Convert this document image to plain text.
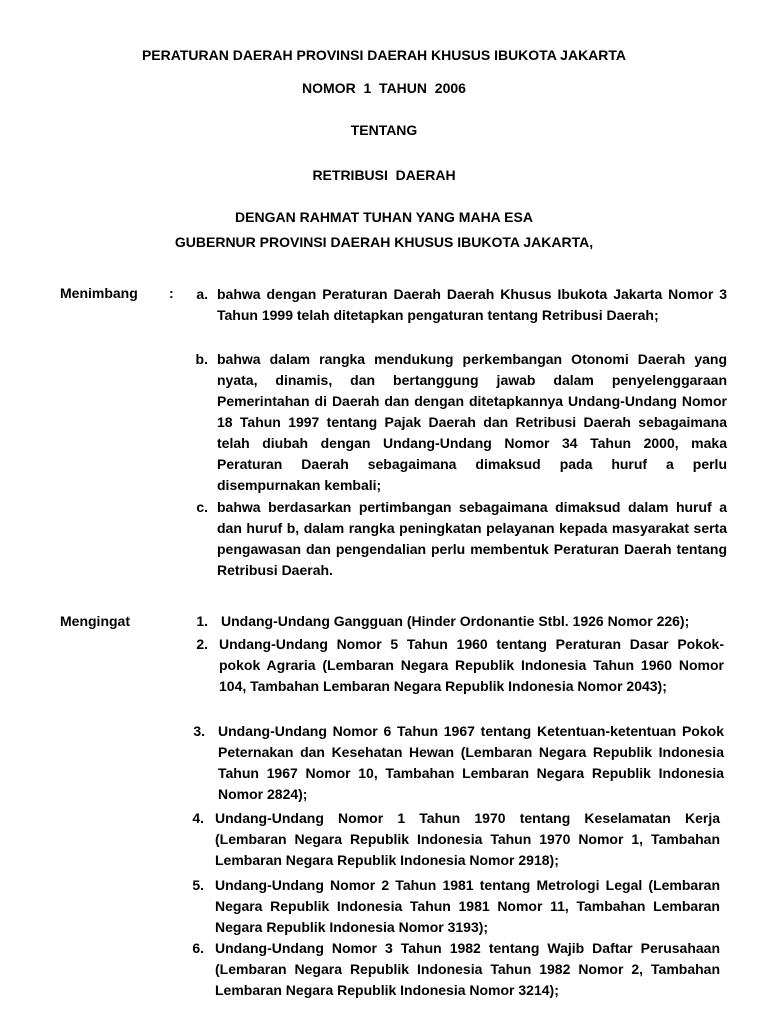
PERATURAN DAERAH PROVINSI DAERAH KHUSUS IBUKOTA JAKARTA
NOMOR  1  TAHUN  2006
TENTANG
RETRIBUSI  DAERAH
DENGAN RAHMAT TUHAN YANG MAHA ESA
GUBERNUR PROVINSI DAERAH KHUSUS IBUKOTA JAKARTA,
Menimbang :	a. bahwa dengan Peraturan Daerah Daerah Khusus Ibukota Jakarta Nomor 3 Tahun 1999 telah ditetapkan pengaturan tentang Retribusi Daerah;
b. bahwa dalam rangka mendukung perkembangan Otonomi Daerah yang nyata, dinamis, dan bertanggung jawab dalam penyelenggaraan Pemerintahan di Daerah dan dengan ditetapkannya Undang-Undang Nomor 18 Tahun 1997 tentang Pajak Daerah dan Retribusi Daerah sebagaimana telah diubah dengan Undang-Undang Nomor 34 Tahun 2000, maka Peraturan Daerah sebagaimana dimaksud pada huruf a perlu disempurnakan kembali;
c. bahwa berdasarkan pertimbangan sebagaimana dimaksud dalam huruf a dan huruf b, dalam rangka peningkatan pelayanan kepada masyarakat serta pengawasan dan pengendalian perlu membentuk Peraturan Daerah tentang Retribusi Daerah.
Mengingat	1. Undang-Undang Gangguan (Hinder Ordonantie Stbl. 1926 Nomor 226);
2. Undang-Undang Nomor 5 Tahun 1960 tentang Peraturan Dasar Pokok-pokok Agraria (Lembaran Negara Republik Indonesia Tahun 1960 Nomor 104, Tambahan Lembaran Negara Republik Indonesia Nomor 2043);
3. Undang-Undang Nomor 6 Tahun 1967 tentang Ketentuan-ketentuan Pokok Peternakan dan Kesehatan Hewan (Lembaran Negara Republik Indonesia Tahun 1967 Nomor 10, Tambahan Lembaran Negara Republik Indonesia Nomor 2824);
4. Undang-Undang Nomor 1 Tahun 1970 tentang Keselamatan Kerja (Lembaran Negara Republik Indonesia Tahun 1970 Nomor 1, Tambahan Lembaran Negara Republik Indonesia Nomor 2918);
5. Undang-Undang Nomor 2 Tahun 1981 tentang Metrologi Legal (Lembaran Negara Republik Indonesia Tahun 1981 Nomor 11, Tambahan Lembaran Negara Republik Indonesia Nomor 3193);
6. Undang-Undang Nomor 3 Tahun 1982 tentang Wajib Daftar Perusahaan (Lembaran Negara Republik Indonesia Tahun 1982 Nomor 2, Tambahan Lembaran Negara Republik Indonesia Nomor 3214);
